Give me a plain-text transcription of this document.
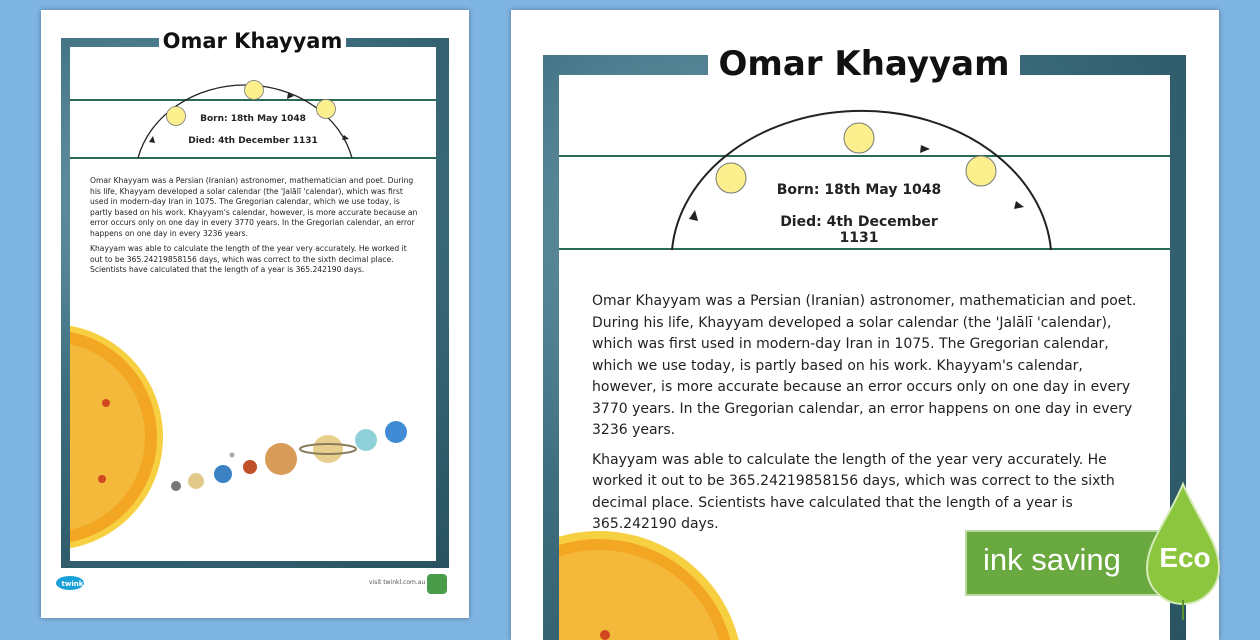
Born: 18th May 1048
Died: 4th December 1131

Omar Khayyam was a Persian (Iranian) astronomer, mathematician and poet. During his life, Khayyam developed a solar calendar (the 'Jalālī 'calendar), which was first used in modern-day Iran in 1075. The Gregorian calendar, which we use today, is partly based on his work. Khayyam's calendar, however, is more accurate because an error occurs only on one day in every 3770 years. In the Gregorian calendar, an error happens on one day in every 3236 years.

Khayyam was able to calculate the length of the year very accurately. He worked it out to be 365.24219858156 days, which was correct to the sixth decimal place. Scientists have calculated that the length of a year is 365.242190 days.

Omar Khayyam
twinkl	visit twinkl.com.au
Born: 18th May 1048
Died: 4th December 1131

Omar Khayyam was a Persian (Iranian) astronomer, mathematician and poet. During his life, Khayyam developed a solar calendar (the 'Jalālī 'calendar), which was first used in modern-day Iran in 1075. The Gregorian calendar, which we use today, is partly based on his work. Khayyam's calendar, however, is more accurate because an error occurs only on one day in every 3770 years. In the Gregorian calendar, an error happens on one day in every 3236 years.

Khayyam was able to calculate the length of the year very accurately. He worked it out to be 365.24219858156 days, which was correct to the sixth decimal place. Scientists have calculated that the length of a year is 365.242190 days.

Omar Khayyam
ink saving Eco
